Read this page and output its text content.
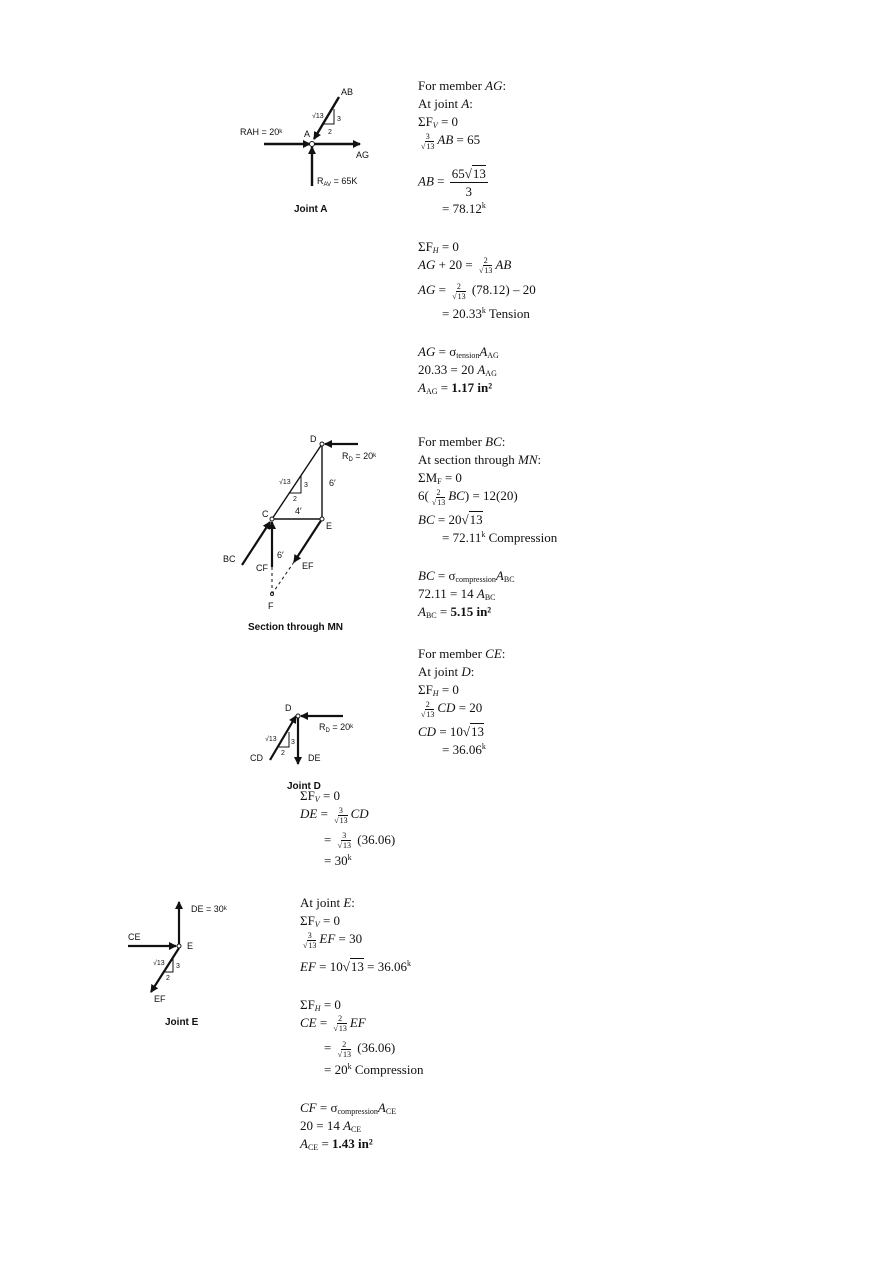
AB
A
AG
RAH = 20ᵏ
$R_{AV} = 65K$
√13 3
2
Joint A
D
$R_D$ = 20ᵏ
C
E
F
BC
CF	EF
6′
4′
6′
√13 3
2
Section through MN
D
$R_D$ = 20ᵏ
CD	DE
√13 3
2
Joint D
DE = 30ᵏ
CE
E
EF
√13 3
2
Joint E
For member AG:
At joint A:
$\Sigma F_V = 0$
$\frac{3}{√13}$ AB = 65
AB = $\frac{65√13}{3}$
= $78.12^k$
$\Sigma F_H = 0$
AG + $20 = \frac{2}{√13}$ AB
AG = $\frac{2}{√13} (78.12) - 20$
= $20.33^k$ Tension
AG = $\sigma_{tension}A_{AG}$
20.33 = 20 $A_{AG}$
$A_{AG} = 1.17$ in²
For member BC:
At section through MN:
$\Sigma M_F = 0$
$6( \frac{2}{√13} BC) = 12(20)$
BC = 20√13
= $72.11^k$ Compression
BC = $\sigma_{compression}A_{BC}$
72.11 = 14 $A_{BC}$
$A_{BC} = 5.15$ in²
For member CE:
At joint D:
$\Sigma F_H = 0$
$\frac{2}{√13}$ CD = 20
CD = 10√13
= $36.06^k$
$\Sigma F_V = 0$
DE = $\frac{3}{√13}$ CD
= $\frac{3}{√13} (36.06)$
= $30^k$
At joint E:
$\Sigma F_V = 0$
$\frac{3}{√13}$ EF = 30
EF = $10√13 = 36.06^k$
$\Sigma F_H = 0$
CE = $\frac{2}{√13}$ EF
= $\frac{2}{√13} (36.06)$
= $20^k$ Compression
CF = $\sigma_{compression}A_{CE}$
20 = 14 $A_{CE}$
$A_{CE} = 1.43$ in²
